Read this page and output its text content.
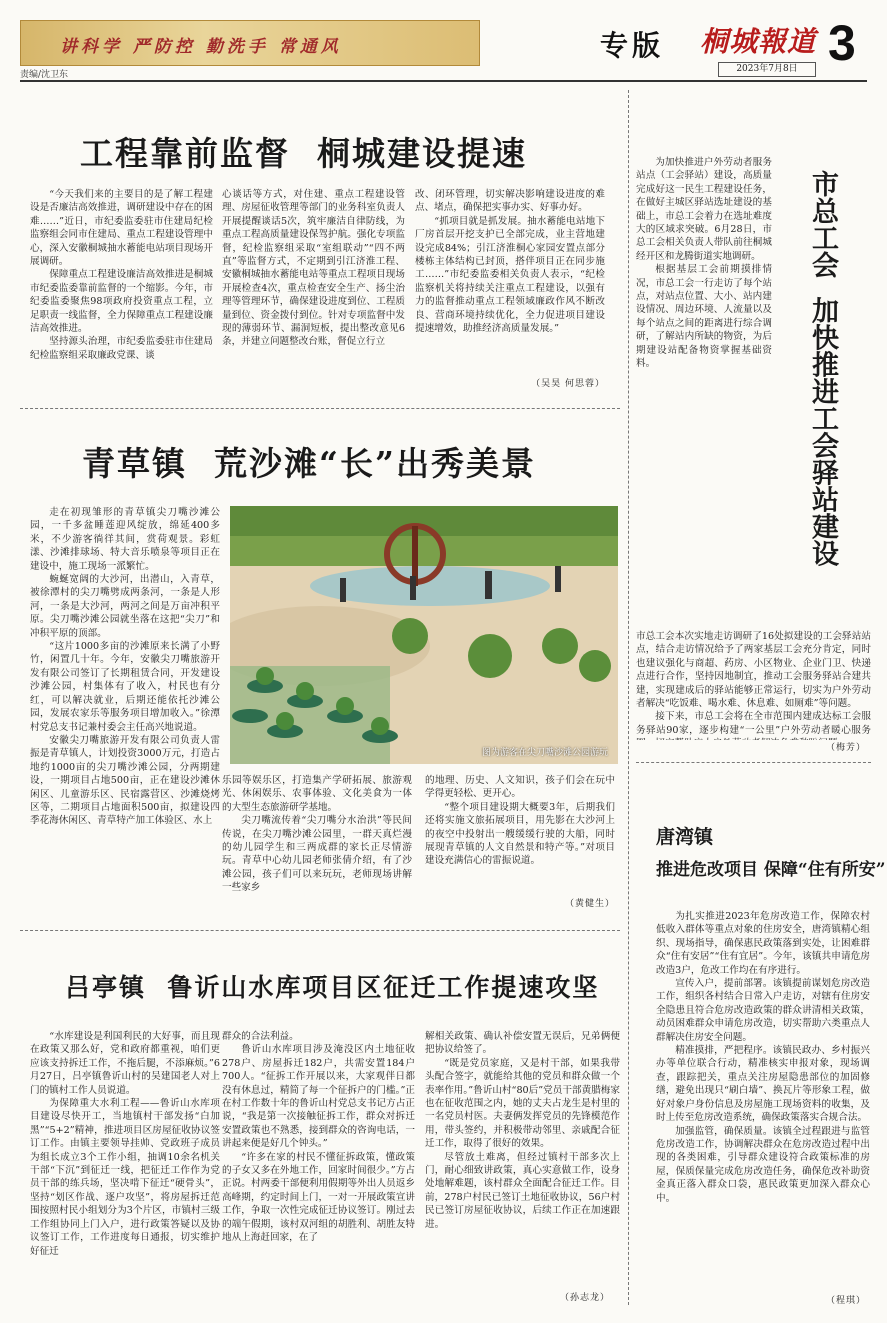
讲科学 严防控 勤洗手 常通风
责编/沈卫东
专版 桐城報道
2023年7月8日 3
工程靠前监督  桐城建设提速

“今天我们来的主要目的是了解工程建设是否廉洁高效推进，调研建设中存在的困难……”近日，市纪委监委驻市住建局纪检监察组会同市住建局、重点工程建设管理中心，深入安徽桐城抽水蓄能电站项目现场开展调研。

保障重点工程建设廉洁高效推进是桐城市纪委监委靠前监督的一个缩影。今年，市纪委监委聚焦98项政府投资重点工程，立足职责一线监督，全力保障重点工程建设廉洁高效推进。

坚持源头治理，市纪委监委驻市住建局纪检监察组采取廉政党课、谈

心谈话等方式，对住建、重点工程建设管理、房屋征收管理等部门的业务科室负责人开展提醒谈话5次，筑牢廉洁自律防线，为重点工程高质量建设保驾护航。强化专项监督，纪检监察组采取“室组联动”“四不两直”等监督方式，不定期到引江济淮工程、安徽桐城抽水蓄能电站等重点工程项目现场开展检查4次，重点检查安全生产、扬尘治理等管理环节，确保建设进度到位、工程质量到位、资金拨付到位。针对专项监督中发现的薄弱环节、漏洞短板，提出整改意见6条，并建立问题整改台账，督促立行立

改、闭环管理，切实解决影响建设进度的难点、堵点，确保把实事办实、好事办好。

“抓项目就是抓发展。抽水蓄能电站地下厂房首层开挖支护已全部完成，业主营地建设完成84%；引江济淮桐心家园安置点部分楼栋主体结构已封顶，搭伴项目正在同步施工……”市纪委监委相关负责人表示，“纪检监察机关将持续关注重点工程建设，以强有力的监督推动重点工程领域廉政作风不断改良、营商环境持续优化，全力促进项目建设提速增效，助推经济高质量发展。”

（吴昊 何思蓉）
青草镇  荒沙滩“长”出秀美景
图为游客在尖刀嘴沙滩公园游玩

走在初现雏形的青草镇尖刀嘴沙滩公园，一千多盆睡莲迎风绽放，绵延400多米，不少游客徜徉其间，赏荷观景。彩虹漾、沙滩排球场、特大音乐喷泉等项目正在建设中，施工现场一派繁忙。

蜿蜒宽阔的大沙河，出潜山，入青草，被徐潭村的尖刀嘴劈成两条河，一条是人形河，一条是大沙河，两河之间是万亩冲积平原。尖刀嘴沙滩公园就坐落在这把“尖刀”和冲积平原的顶部。

“这片1000多亩的沙滩原来长满了小野竹，闲置几十年。今年，安徽尖刀嘴旅游开发有限公司签订了长期租赁合同，开发建设沙滩公园，村集体有了收入，村民也有分红，可以解决就业，后期还能依托沙滩公园，发展农家乐等服务项目增加收入。”徐潭村党总支书记兼村委会主任高兴地说道。

安徽尖刀嘴旅游开发有限公司负责人雷振是青草镇人，计划投资3000万元，打造占地约1000亩的尖刀嘴沙滩公园，分两期建设，一期项目占地500亩，正在建设沙滩休闲区、儿童游乐区、民宿露营区、沙滩烧烤区等，二期项目占地面积500亩，拟建设四季花海休闲区、青草特产加工体验区、水上

乐园等娱乐区，打造集产学研拓展、旅游观光、休闲娱乐、农事体验、文化美食为一体的大型生态旅游研学基地。

尖刀嘴流传着“尖刀嘴分水治洪”等民间传说，在尖刀嘴沙滩公园里，一群天真烂漫的幼儿园学生和三两成群的家长正尽情游玩。青草中心幼儿园老师张倩介绍，有了沙滩公园，孩子们可以来玩玩，老师现场讲解一些家乡

的地理、历史、人文知识，孩子们会在玩中学得更轻松、更开心。

“整个项目建设期大概要3年，后期我们还将实施文旅拓展项目，用先影在大沙河上的夜空中投射出一艘缓缓行驶的大船，同时展现青草镇的人文自然景和特产等。”对项目建设充满信心的雷振说道。

（黄健生）
吕亭镇  鲁䜣山水库项目区征迁工作提速攻坚

“水库建设是利国利民的大好事，而且现在政策又那么好，党和政府都重视，咱们更应该支持拆迁工作，不拖后腿，不添麻烦。”6月27日，吕亭镇鲁䜣山村的吴建国老人对上门的镇村工作人员说道。

为保障重大水利工程——鲁䜣山水库项目建设尽快开工，当地镇村干部发扬“白加黑”“5+2”精神，推进项目区房屋征收协议签订工作。由镇主要领导挂帅、党政班子成员为组长成立3个工作小组，抽调10余名机关干部“下沉”到征迁一线，把征迁工作作为党员干部的练兵场，坚决啃下征迁“硬骨头”，坚持“划区作战、逐户攻坚”，将房屋拆迁范围按照村民小组划分为3个片区，市镇村三级工作组协同上门入户，进行政策答疑以及协议签订工作，工作进度每日通报，切实维护好征迁

群众的合法利益。

鲁䜣山水库项目涉及淹没区内土地征收278户、房屋拆迁182户，共需安置184户700人。“征拆工作开展以来，大家观伴日都没有休息过，精简了每一个征拆户的门槛。”正在村工作数十年的鲁䜣山村党总支书记方占正说，“我是第一次接触征拆工作，群众对拆迁安置政策也不熟悉，接到群众的咨询电话，一讲起来便是好几个钟头。”

“许多在家的村民不懂征拆政策，懂政策的子女又多在外地工作，回家时间很少。”方占正说。村两委干部便利用假期等外出人员返乡高峰期，约定时间上门，一对一开展政策宣讲工作，争取一次性完成征迁协议签订。刚过去的端午假期，该村双河组的胡胜利、胡胜友特地从上海赶回家，在了

解相关政策、确认补偿安置无误后，兄弟俩便把协议给签了。

“既是党员家庭，又是村干部，如果我带头配合签字，就能给其他的党员和群众做一个表率作用。”鲁䜣山村“80后”党员干部黄腊梅家也在征收范围之内，她的丈夫占龙生是村里的一名党员村医。夫妻俩发挥党员的先锋模范作用，带头签约，并积极带动邻里、亲戚配合征迁工作，取得了很好的效果。

尽管放土难离，但经过镇村干部多次上门，耐心细致讲政策，真心实意做工作，设身处地解难题，该村群众全面配合征迁工作。目前，278户村民已签订土地征收协议，56户村民已签订房屋征收协议，后续工作正在加速跟进。

（孙志龙）
市总工会  加快推进工会驿站建设

为加快推进户外劳动者服务站点（工会驿站）建设，高质量完成好这一民生工程建设任务，在做好主城区驿站选址建设的基础上，市总工会着力在选址难度大的区域求突破。6月28日，市总工会相关负责人带队前往桐城经开区和龙腾街道实地调研。

根据基层工会前期摸排情况，市总工会一行走访了每个站点，对站点位置、大小、站内建设情况、周边环境、人流量以及每个站点之间的距离进行综合调研，了解站内所缺的物资，为后期建设站配备物资掌握基础资料。

市总工会本次实地走访调研了16处拟建设的工会驿站站点，结合走访情况给予了两家基层工会充分肯定，同时也建议强化与商超、药房、小区物业、企业门卫、快递点进行合作，坚持因地制宜，推动工会服务驿站合建共建，实现建成后的驿站能够正常运行，切实为户外劳动者解决“吃饭难、喝水难、休息难、如厕难”等问题。

接下来，市总工会将在全市范围内建成达标工会服务驿站90家，逐步构建“一公里”户外劳动者暖心服务

（梅芳）
唐湾镇
推进危改项目 保障“住有所安”

为扎实推进2023年危房改造工作，保障农村低收入群体等重点对象的住房安全，唐湾镇精心组织、现场指导，确保惠民政策落到实处，让困难群众“住有安居”“住有宜居”。今年，该镇共申请危房改造3户，危改工作均在有序进行。

宣传入户，提前部署。该镇提前谋划危房改造工作，组织各村结合日常入户走访，对辖有住房安全隐患且符合危房改造政策的群众讲清相关政策，动员困难群众申请危房改造，切实帮助六类重点人群解决住房安全问题。

精准摸排，严把程序。该镇民政办、乡村振兴办等单位联合行动，精准核实申报对象，现场调查，跟踪把关，重点关注房屋隐患部位的加固修缮，避免出现只“刷白墙”、换瓦片等形象工程，做好对象户身份信息及房屋施工现场资料的收集，及时上传至危房改造系统，确保政策落实合规合法。

加强监管，确保质量。该镇全过程跟进与监管危房改造工作，协调解决群众在危房改造过程中出现的各类困难，引导群众建设符合政策标准的房屋，保质保量完成危房改造任务，确保危改补助资金真正落入群众口袋，惠民政策更加深入群众心中。

（程琪）
